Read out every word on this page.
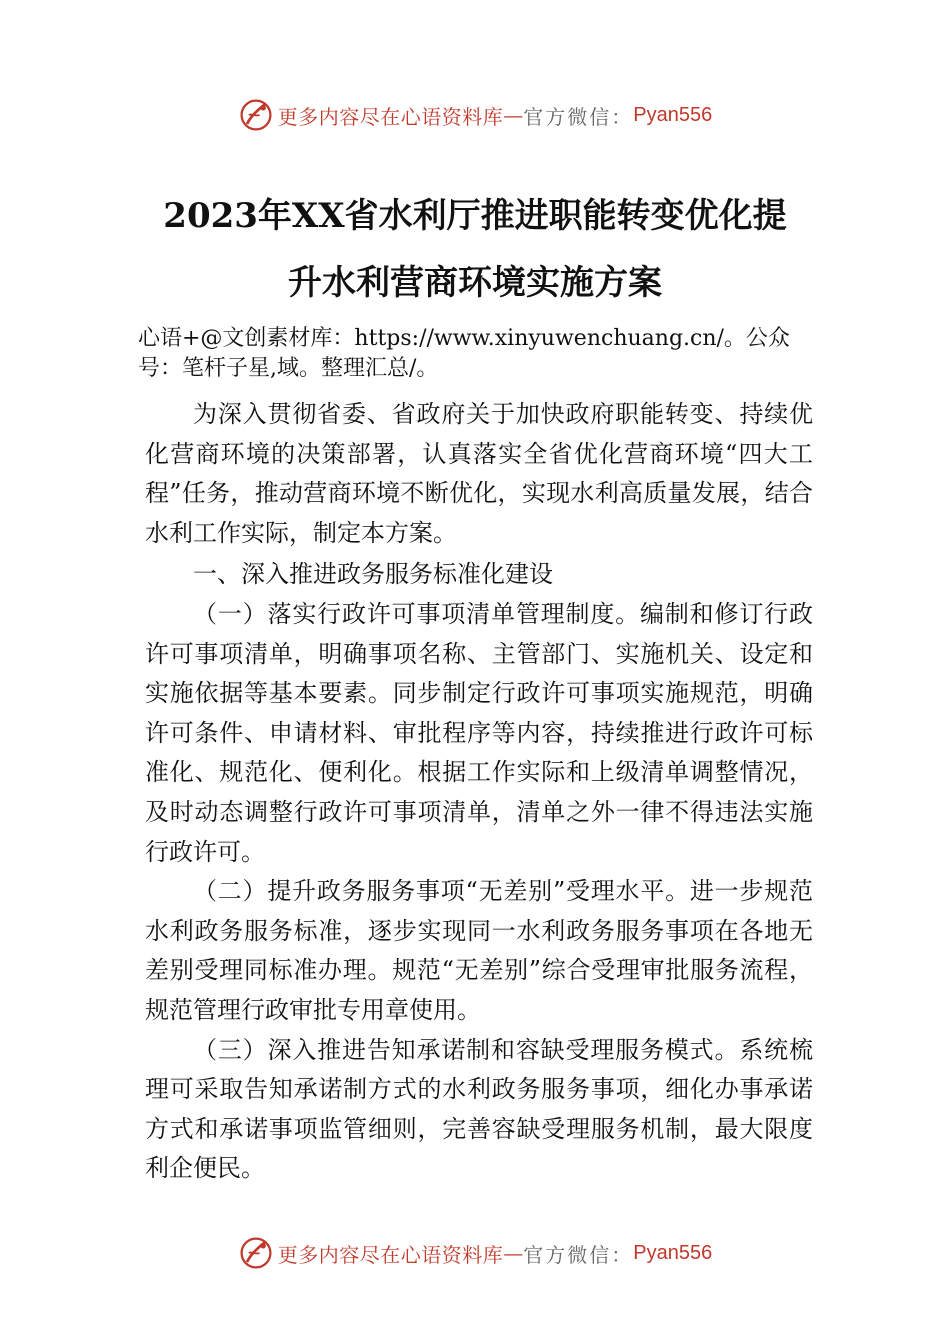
更多内容尽在心语资料库 — 官方微信： Pyan556
2023年XX省水利厅推进职能转变优化提
升水利营商环境实施方案
心语+@文创素材库：https://www.xinyuwenchuang.cn/。公众号：笔杆子星,域。整理汇总/。

为深入贯彻省委、省政府关于加快政府职能转变、持续优化营商环境的决策部署，认真落实全省优化营商环境“四大工程”任务，推动营商环境不断优化，实现水利高质量发展，结合水利工作实际，制定本方案。

一、深入推进政务服务标准化建设

（一）落实行政许可事项清单管理制度。编制和修订行政许可事项清单，明确事项名称、主管部门、实施机关、设定和实施依据等基本要素。同步制定行政许可事项实施规范，明确许可条件、申请材料、审批程序等内容，持续推进行政许可标准化、规范化、便利化。根据工作实际和上级清单调整情况，及时动态调整行政许可事项清单，清单之外一律不得违法实施行政许可。

（二）提升政务服务事项“无差别”受理水平。进一步规范水利政务服务标准，逐步实现同一水利政务服务事项在各地无差别受理同标准办理。规范“无差别”综合受理审批服务流程，规范管理行政审批专用章使用。

（三）深入推进告知承诺制和容缺受理服务模式。系统梳理可采取告知承诺制方式的水利政务服务事项，细化办事承诺方式和承诺事项监管细则，完善容缺受理服务机制，最大限度利企便民。

更多内容尽在心语资料库 — 官方微信： Pyan556
